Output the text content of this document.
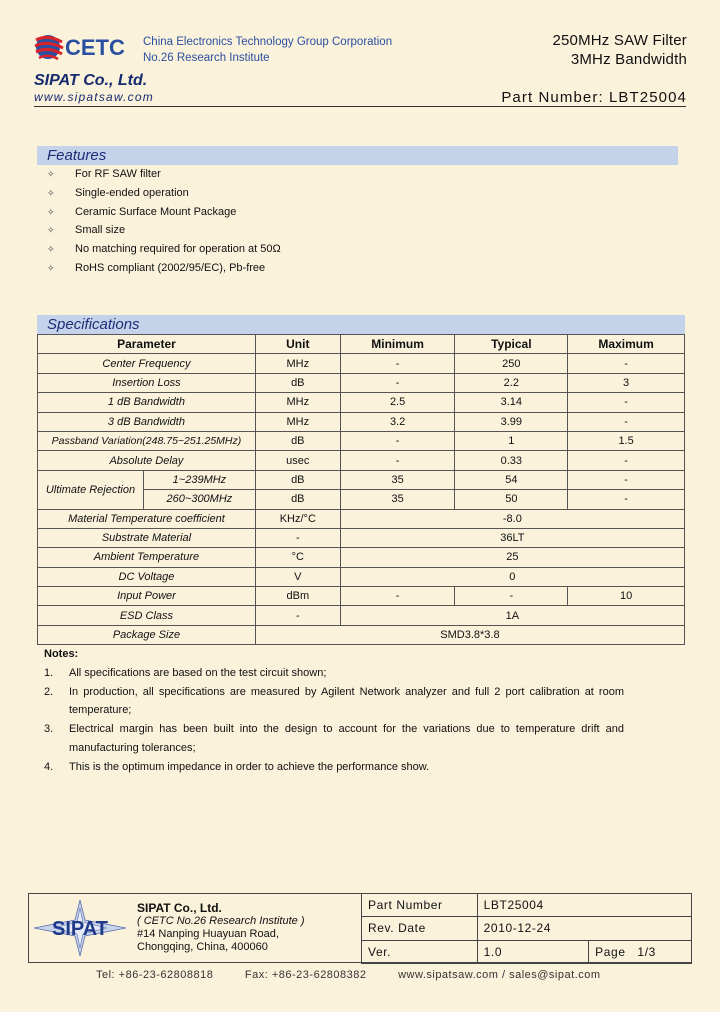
CETC China Electronics Technology Group Corporation
No.26 Research Institute
250MHz SAW Filter
3MHz Bandwidth
SIPAT Co., Ltd.
www.sipatsaw.com	Part Number: LBT25004
Features
✧	For RF SAW filter
✧	Single-ended operation
✧	Ceramic Surface Mount Package
✧	Small size
✧	No matching required for operation at 50Ω
✧	RoHS compliant (2002/95/EC), Pb-free
Specifications
Parameter		Unit	Minimum	Typical	Maximum
Center Frequency		MHz	-	250	-
Insertion Loss		dB	-	2.2	3
1 dB Bandwidth		MHz	2.5	3.14	-
3 dB Bandwidth		MHz	3.2	3.99	-
Passband Variation(248.75~251.25MHz)		dB	-	1	1.5
Absolute Delay		usec	-	0.33	-
Ultimate Rejection	1~239MHz	dB	35	54	-
	260~300MHz	dB	35	50	-
Material Temperature coefficient		KHz/°C	-8.0		
Substrate Material		-	36LT		
Ambient Temperature		°C	25		
DC Voltage		V	0		
Input Power		dBm	-	-	10
ESD Class		-	1A		
Package Size		SMD3.8*3.8			
Notes:
1.	All specifications are based on the test circuit shown;
2.	In production, all specifications are measured by Agilent Network analyzer and full 2 port calibration at room temperature;
3.	Electrical margin has been built into the design to account for the variations due to temperature drift and manufacturing tolerances;
4.	This is the optimum impedance in order to achieve the performance show.
SIPAT
SIPAT Co., Ltd.
( CETC No.26 Research Institute )
#14 Nanping Huayuan Road,
Chongqing, China, 400060
Part Number	LBT25004	
Rev. Date	2010-12-24	
Ver.	1.0	Page 1/3
Tel: +86-23-62808818	Fax: +86-23-62808382	www.sipatsaw.com / sales@sipat.com
